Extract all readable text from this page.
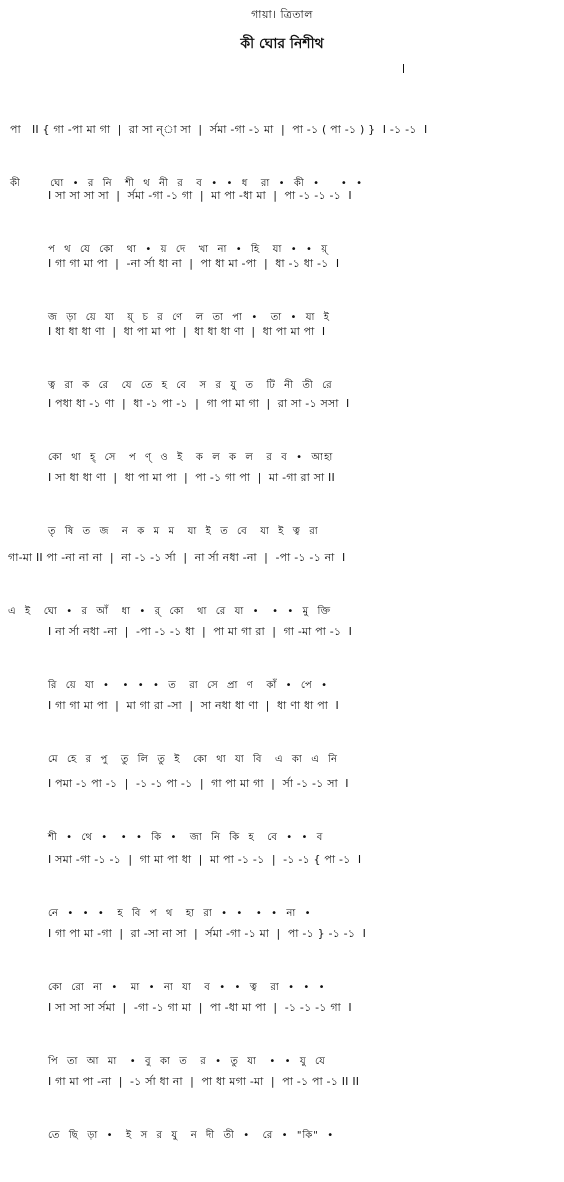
গায়া। ত্রিতাল
কী ঘোর নিশীথ

পা   II { গা -পা মা গা  |  রা সা ন্‌া সা  |  র্সমা -গা -১ মা  |  পা -১ ( পা -১ ) }  I -১ -১  I

কী       ঘো  •  র  নি   শী  থ  নী  র   ব  •  •  ধ   রা  •  কী  •     •  •

I সা সা সা সা  |  র্সমা -গা -১ গা  |  মা পা -ধা মা  |  পা -১ -১ -১  I

প  থ  যে  কো   থা  •  য়  দে   খা  না  •  হি   যা  •  •  য়্‌

I গা গা মা পা  |  -না র্সা ধা না  |  পা ধা মা -পা  |  ধা -১ ধা -১  I

জ  ড়া  য়ে  যা   য়্‌  চ  র  ণে   ল  তা  পা  •   তা  •  যা  ই

I ধা ধা ধা ণা  |  ধা পা মা পা  |  ধা ধা ধা ণা  |  ধা পা মা পা  I

ত্ব  রা  ক  রে   যে  তে  হ  বে   স  র  যু  ত   টি  নী  তী  রে

I পধা ধা -১ ণা  |  ধা -১ পা -১  |  গা পা মা গা  |  রা সা -১ সসা  I

কো  থা  হ্‌  সে   প  ণ্  ও  ই   ক  ল  ক  ল   র  ব  •  আহা

I সা ধা ধা ণা  |  ধা পা মা পা  |  পা -১ গা পা  |  মা -গা রা সা II

তৃ  ষি  ত  জ   ন  ক  ম  ম   যা  ই  ত  বে   যা  ই  ত্ব  রা

গা-মা II পা -না না না  |  না -১ -১ র্সা  |  না র্সা নধা -না  |  -পা -১ -১ না  I

এ  ই   ঘো  •  র  আঁ   ধা  •  র্‌  কো   থা  রে  যা  •   •  •  মু  ক্তি

I না র্সা নধা -না  |  -পা -১ -১ ধা  |  পা মা গা রা  |  গা -মা পা -১  I

রি  য়ে  যা  •   •  •  •  ত   রা  সে  প্রা  ণ   কাঁ  •  পে  •

I গা গা মা পা  |  মা গা রা -সা  |  সা নধা ধা ণা  |  ধা ণা ধা পা  I

মে  হে  র  পু   তু  লি  তু  ই   কো  থা  যা  বি   এ  কা  এ  নি

I পমা -১ পা -১  |  -১ -১ পা -১  |  গা পা মা গা  |  র্সা -১ -১ সা  I

শী  •  থে  •   •  •  কি  •   জা  নি  কি  হ   বে  •  •  ব

I সমা -গা -১ -১  |  গা মা পা ধা  |  মা পা -১ -১  |  -১ -১ { পা -১  I

নে  •  •  •   হ  বি  প  থ   হা  রা  •  •   •  •  না  •

I গা পা মা -গা  |  রা -সা না সা  |  র্সমা -গা -১ মা  |  পা -১ } -১ -১  I

কো  রো  না  •   মা  •  না  যা   ব  •  •  ত্ব   রা  •  •  •

I সা সা সা র্সমা  |  -গা -১ গা মা  |  পা -ধা মা পা  |  -১ -১ -১ গা  I

পি  তা  আ  মা   •  বু  কা  ত   র  •  তু  যা   •  •  যু  যে

I গা মা পা -না  |  -১ র্সা ধা না  |  পা ধা মগা -মা  |  পা -১ পা -১ II II

তে  ছি  ড়া  •   ই  স  র  যু   ন  দী  তী  •   রে  •  "কি"  •
